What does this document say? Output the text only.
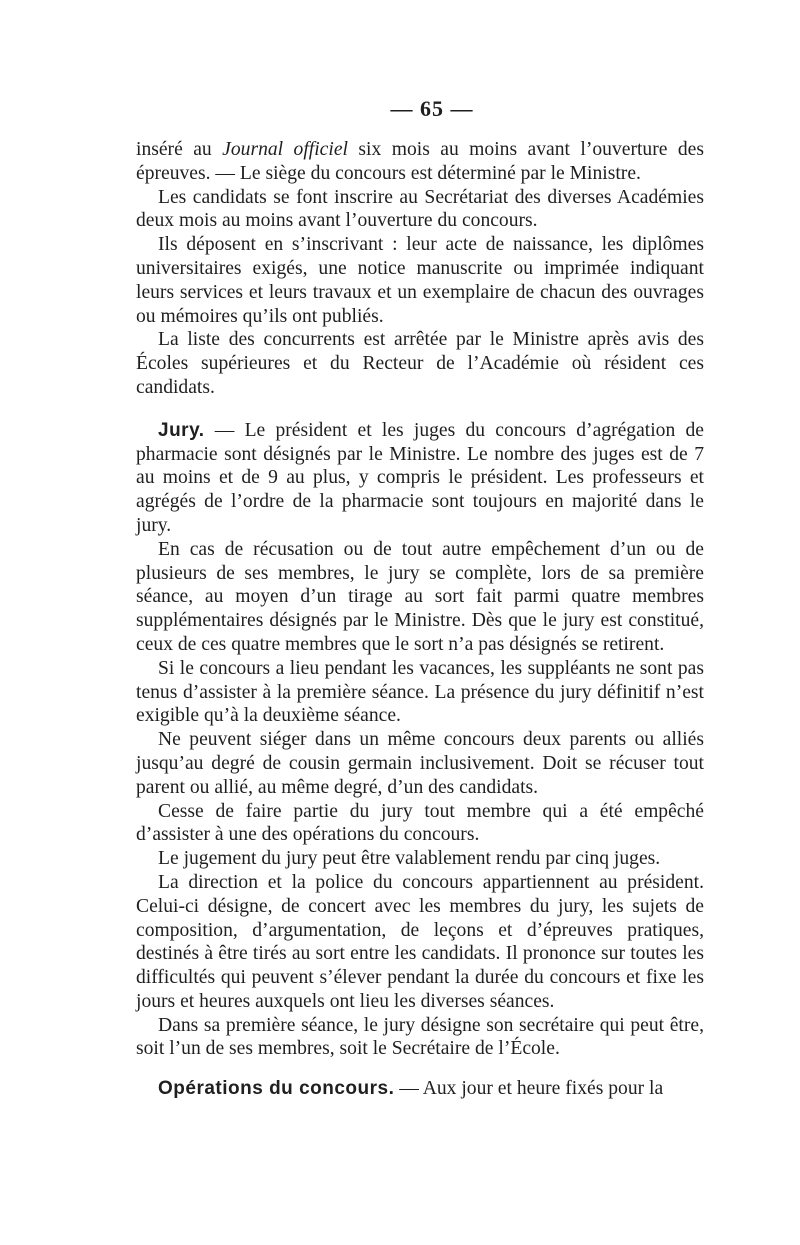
— 65 —

inséré au Journal officiel six mois au moins avant l’ouverture des épreuves. — Le siège du concours est déterminé par le Ministre.

Les candidats se font inscrire au Secrétariat des diverses Académies deux mois au moins avant l’ouverture du concours.

Ils déposent en s’inscrivant : leur acte de naissance, les diplômes universitaires exigés, une notice manuscrite ou imprimée indiquant leurs services et leurs travaux et un exemplaire de chacun des ouvrages ou mémoires qu’ils ont publiés.

La liste des concurrents est arrêtée par le Ministre après avis des Écoles supérieures et du Recteur de l’Académie où résident ces candidats.

Jury. — Le président et les juges du concours d’agrégation de pharmacie sont désignés par le Ministre. Le nombre des juges est de 7 au moins et de 9 au plus, y compris le président. Les professeurs et agrégés de l’ordre de la pharmacie sont toujours en majorité dans le jury.

En cas de récusation ou de tout autre empêchement d’un ou de plusieurs de ses membres, le jury se complète, lors de sa première séance, au moyen d’un tirage au sort fait parmi quatre membres supplémentaires désignés par le Ministre. Dès que le jury est constitué, ceux de ces quatre membres que le sort n’a pas désignés se retirent.

Si le concours a lieu pendant les vacances, les suppléants ne sont pas tenus d’assister à la première séance. La présence du jury définitif n’est exigible qu’à la deuxième séance.

Ne peuvent siéger dans un même concours deux parents ou alliés jusqu’au degré de cousin germain inclusivement. Doit se récuser tout parent ou allié, au même degré, d’un des candidats.

Cesse de faire partie du jury tout membre qui a été empêché d’assister à une des opérations du concours.

Le jugement du jury peut être valablement rendu par cinq juges.

La direction et la police du concours appartiennent au président. Celui-ci désigne, de concert avec les membres du jury, les sujets de composition, d’argumentation, de leçons et d’épreuves pratiques, destinés à être tirés au sort entre les candidats. Il prononce sur toutes les difficultés qui peuvent s’élever pendant la durée du concours et fixe les jours et heures auxquels ont lieu les diverses séances.

Dans sa première séance, le jury désigne son secrétaire qui peut être, soit l’un de ses membres, soit le Secrétaire de l’École.

Opérations du concours. — Aux jour et heure fixés pour la
